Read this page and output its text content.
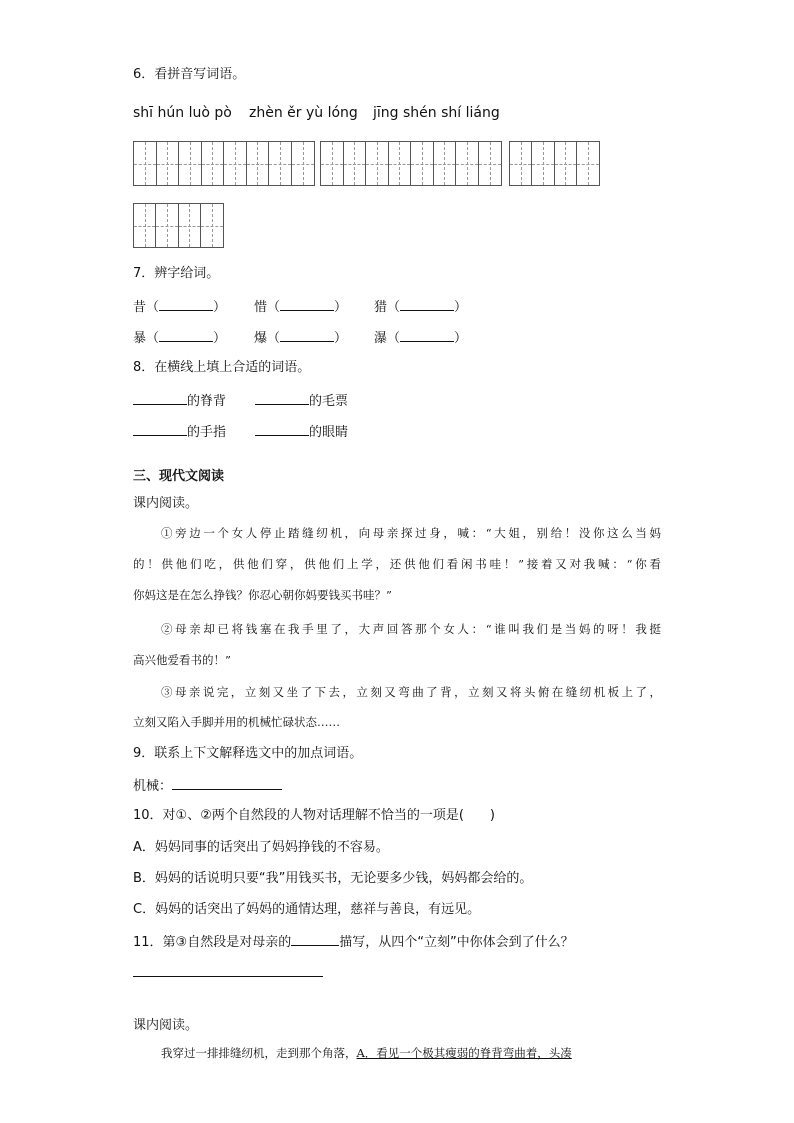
6．看拼音写词语。
shī hún luò pò zhèn ěr yù lóng jīng shén shí liáng
7．辨字给词。
昔（	） 惜（	） 猎（	）
暴（	） 爆（	） 瀑（	）
8．在横线上填上合适的词语。
的脊背	的毛票
的手指	的眼睛
三、现代文阅读
课内阅读。
①旁边一个女人停止踏缝纫机，向母亲探过身，喊：“大姐，别给！没你这么当妈
的！供他们吃，供他们穿，供他们上学，还供他们看闲书哇！”接着又对我喊：“你看
你妈这是在怎么挣钱？你忍心朝你妈要钱买书哇？”
②母亲却已将钱塞在我手里了，大声回答那个女人：“谁叫我们是当妈的呀！我挺
高兴他爱看书的！”
③母亲说完，立刻又坐了下去，立刻又弯曲了背，立刻又将头俯在缝纫机板上了，
立刻又陷入手脚并用的机械忙碌状态……
9．联系上下文解释选文中的加点词语。
机械：
10．对①、②两个自然段的人物对话理解不恰当的一项是(　　)
A．妈妈同事的话突出了妈妈挣钱的不容易。
B．妈妈的话说明只要“我”用钱买书，无论要多少钱，妈妈都会给的。
C．妈妈的话突出了妈妈的通情达理，慈祥与善良，有远见。
11．第③自然段是对母亲的	描写，从四个“立刻”中你体会到了什么？
课内阅读。
我穿过一排排缝纫机，走到那个角落，A．看见一个极其瘦弱的脊背弯曲着，头凑
